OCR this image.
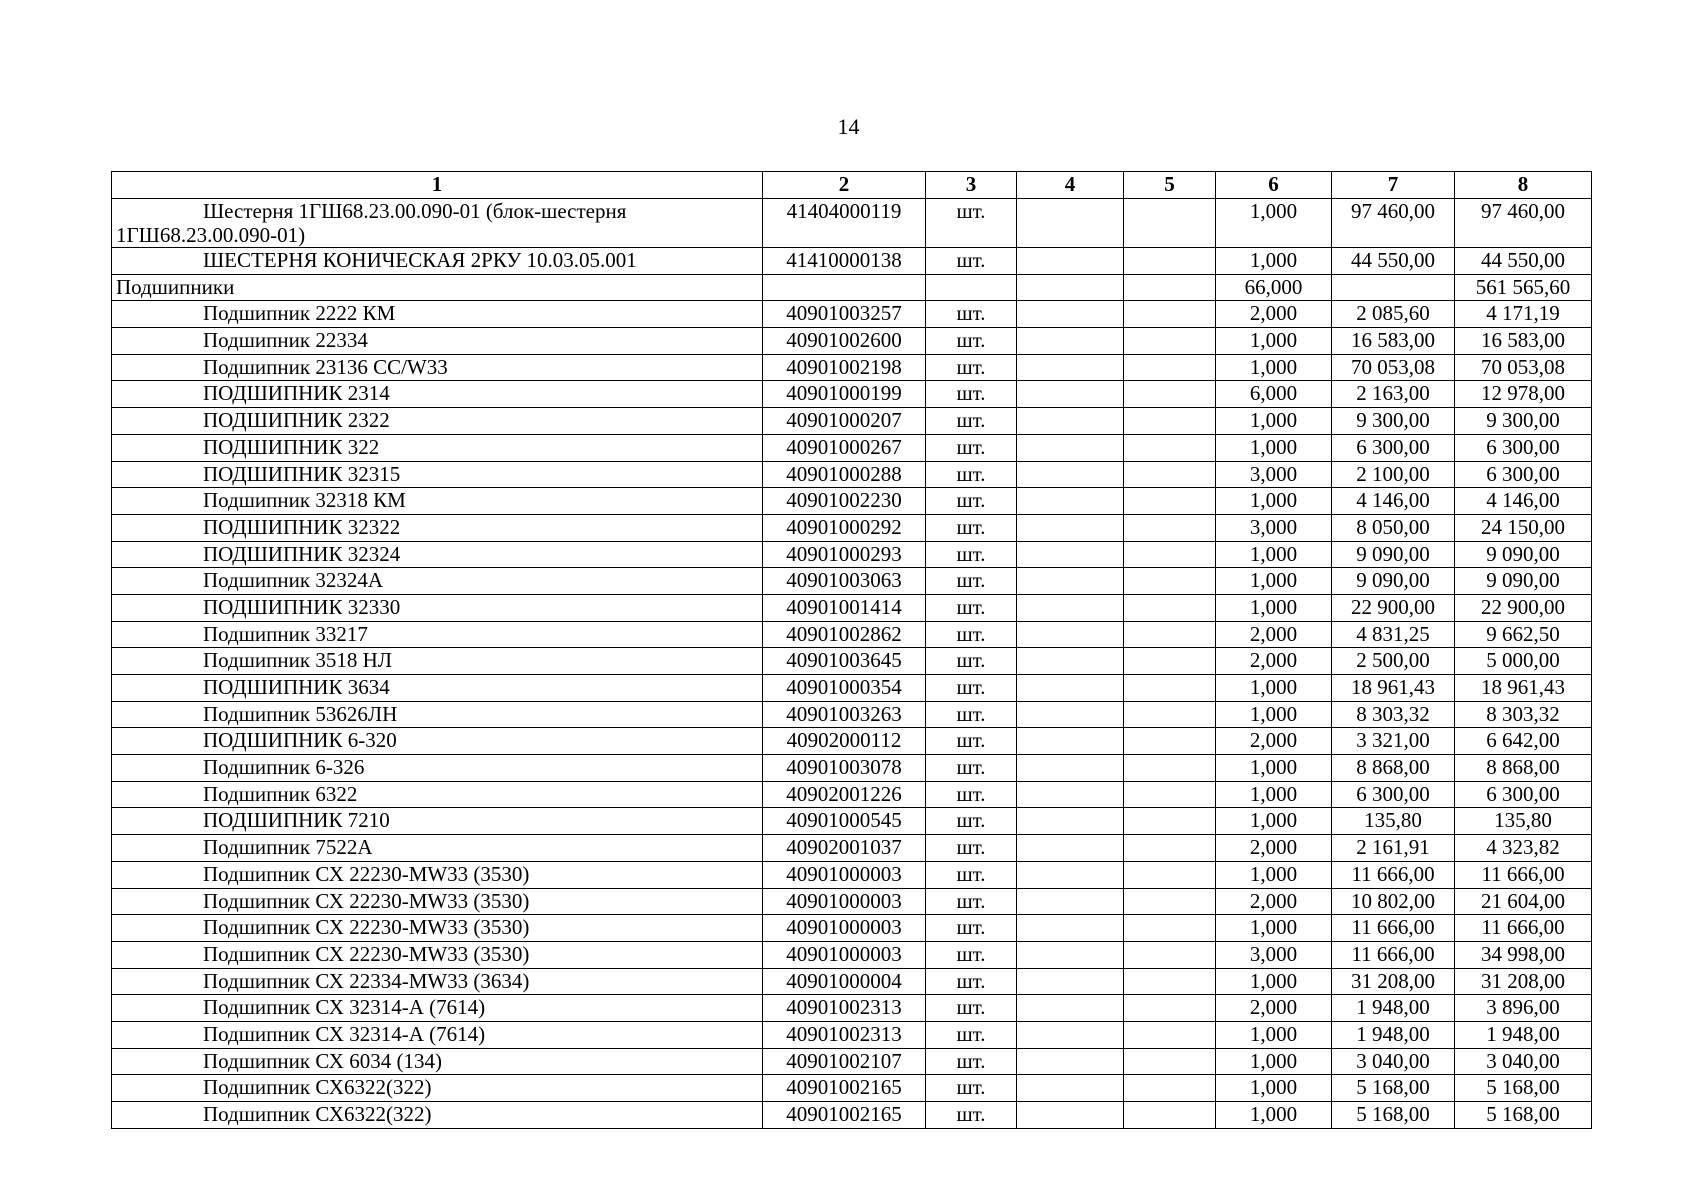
14
1	2	3	4	5	6	7	8
Шестерня 1ГШ68.23.00.090-01 (блок-шестерня 1ГШ68.23.00.090-01)	41404000119	шт.			1,000	97 460,00	97 460,00
ШЕСТЕРНЯ КОНИЧЕСКАЯ 2РКУ 10.03.05.001	41410000138	шт.			1,000	44 550,00	44 550,00
Подшипники					66,000		561 565,60
Подшипник 2222 КМ	40901003257	шт.			2,000	2 085,60	4 171,19
Подшипник 22334	40901002600	шт.			1,000	16 583,00	16 583,00
Подшипник 23136 CC/W33	40901002198	шт.			1,000	70 053,08	70 053,08
ПОДШИПНИК 2314	40901000199	шт.			6,000	2 163,00	12 978,00
ПОДШИПНИК 2322	40901000207	шт.			1,000	9 300,00	9 300,00
ПОДШИПНИК 322	40901000267	шт.			1,000	6 300,00	6 300,00
ПОДШИПНИК 32315	40901000288	шт.			3,000	2 100,00	6 300,00
Подшипник 32318 КМ	40901002230	шт.			1,000	4 146,00	4 146,00
ПОДШИПНИК 32322	40901000292	шт.			3,000	8 050,00	24 150,00
ПОДШИПНИК 32324	40901000293	шт.			1,000	9 090,00	9 090,00
Подшипник 32324А	40901003063	шт.			1,000	9 090,00	9 090,00
ПОДШИПНИК 32330	40901001414	шт.			1,000	22 900,00	22 900,00
Подшипник 33217	40901002862	шт.			2,000	4 831,25	9 662,50
Подшипник 3518 НЛ	40901003645	шт.			2,000	2 500,00	5 000,00
ПОДШИПНИК 3634	40901000354	шт.			1,000	18 961,43	18 961,43
Подшипник 53626ЛН	40901003263	шт.			1,000	8 303,32	8 303,32
ПОДШИПНИК 6-320	40902000112	шт.			2,000	3 321,00	6 642,00
Подшипник 6-326	40901003078	шт.			1,000	8 868,00	8 868,00
Подшипник 6322	40902001226	шт.			1,000	6 300,00	6 300,00
ПОДШИПНИК 7210	40901000545	шт.			1,000	135,80	135,80
Подшипник 7522А	40902001037	шт.			2,000	2 161,91	4 323,82
Подшипник СХ 22230-MW33 (3530)	40901000003	шт.			1,000	11 666,00	11 666,00
Подшипник СХ 22230-MW33 (3530)	40901000003	шт.			2,000	10 802,00	21 604,00
Подшипник СХ 22230-MW33 (3530)	40901000003	шт.			1,000	11 666,00	11 666,00
Подшипник СХ 22230-MW33 (3530)	40901000003	шт.			3,000	11 666,00	34 998,00
Подшипник СХ 22334-MW33 (3634)	40901000004	шт.			1,000	31 208,00	31 208,00
Подшипник СХ 32314-А (7614)	40901002313	шт.			2,000	1 948,00	3 896,00
Подшипник СХ 32314-А (7614)	40901002313	шт.			1,000	1 948,00	1 948,00
Подшипник СХ 6034 (134)	40901002107	шт.			1,000	3 040,00	3 040,00
Подшипник СХ6322(322)	40901002165	шт.			1,000	5 168,00	5 168,00
Подшипник СХ6322(322)	40901002165	шт.			1,000	5 168,00	5 168,00
